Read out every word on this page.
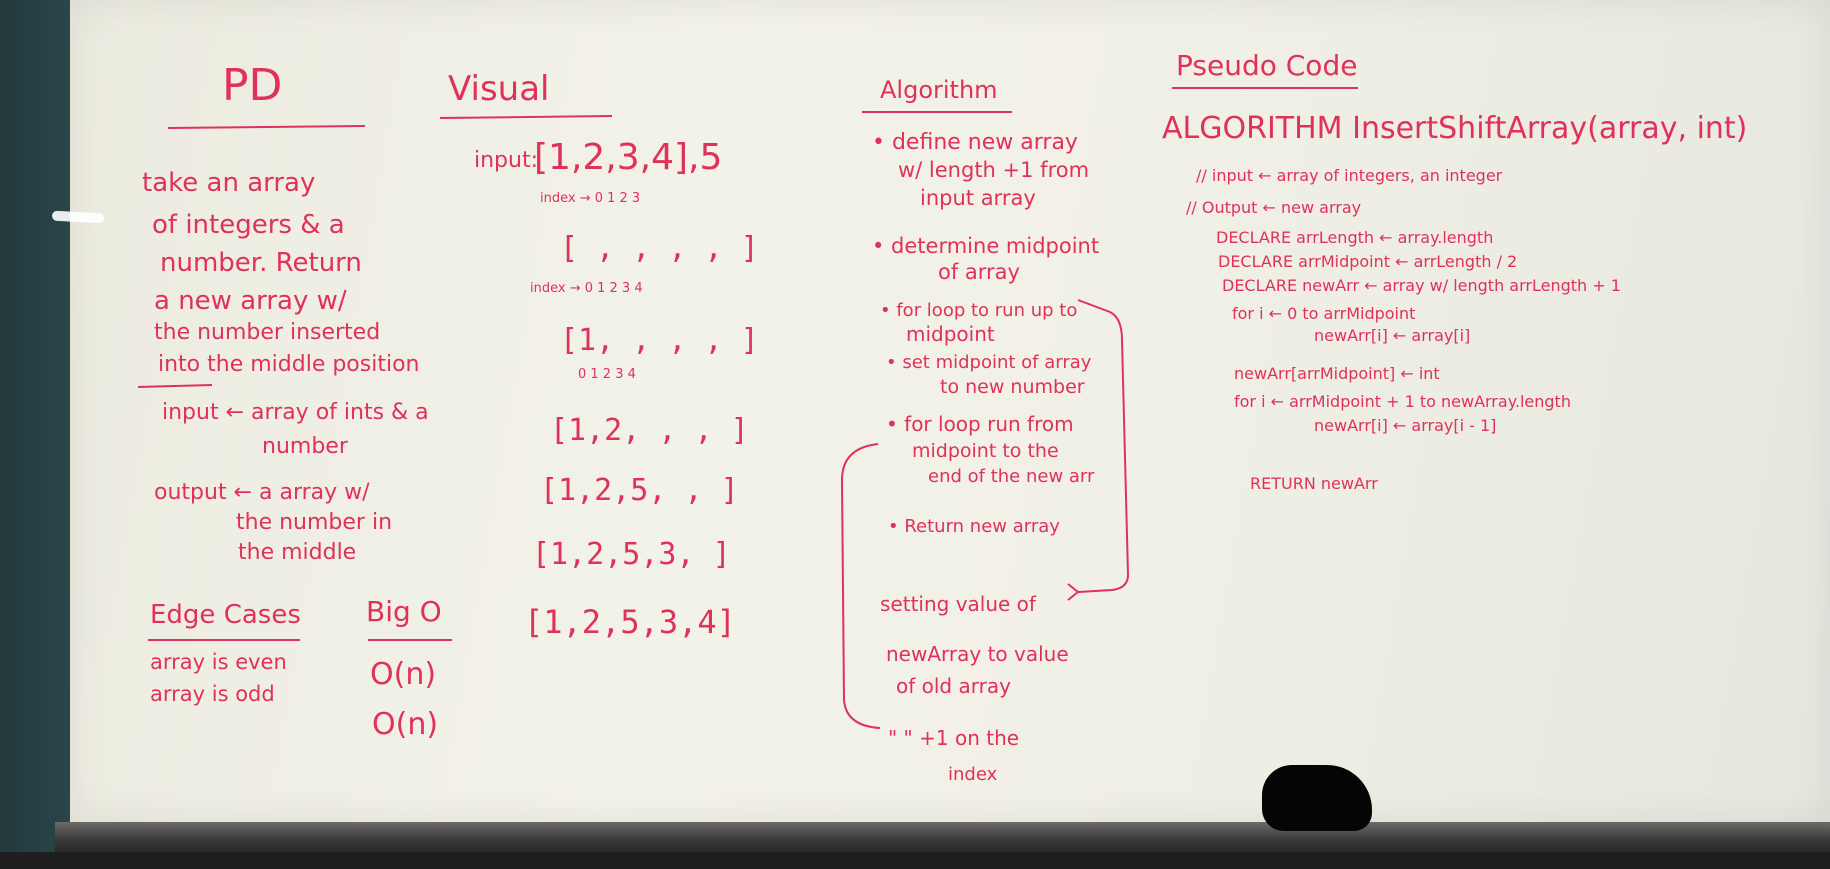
PD
take an array
of integers & a
number. Return
a new array w/
the number inserted
into the middle position
input ← array of ints & a
number
output ← a array w/
the number in
the middle
Edge Cases
array is even
array is odd
Big O
O(n)
O(n)
Visual
input:
[1,2,3,4],5
index → 0 1 2 3
[ , , , , ]
index → 0 1 2 3 4
[1, , , , ]
0 1 2 3 4
[1,2, , , ]
[1,2,5, , ]
[1,2,5,3, ]
[1,2,5,3,4]
Algorithm
• define new array
w/ length +1 from
input array
• determine midpoint
of array
• for loop to run up to
midpoint
• set midpoint of array
to new number
• for loop run from
midpoint to the
end of the new arr
• Return new array
setting value of
newArray to value
of old array
" " +1 on the
index
Pseudo Code
ALGORITHM InsertShiftArray(array, int)
// input ← array of integers, an integer
// Output ← new array
DECLARE arrLength ← array.length
DECLARE arrMidpoint ← arrLength / 2
DECLARE newArr ← array w/ length arrLength + 1
for i ← 0 to arrMidpoint
newArr[i] ← array[i]
newArr[arrMidpoint] ← int
for i ← arrMidpoint + 1 to newArray.length
newArr[i] ← array[i - 1]
RETURN newArr
